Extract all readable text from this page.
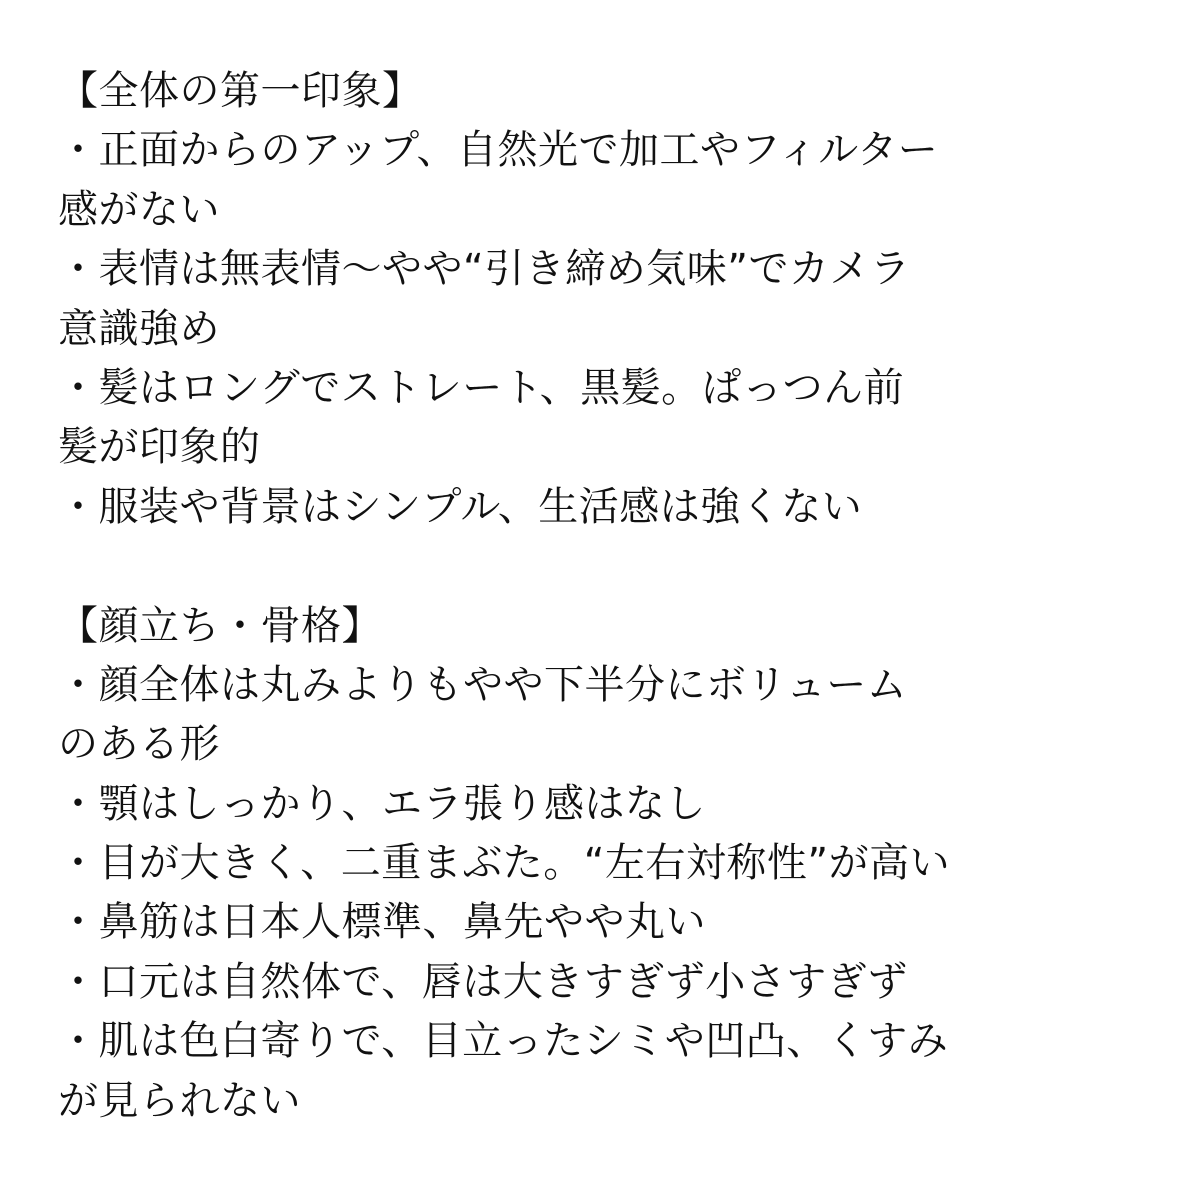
【全体の第一印象】
・正面からのアップ、自然光で加工やフィルター
感がない
・表情は無表情〜やや“引き締め気味”でカメラ
意識強め
・髪はロングでストレート、黒髪。ぱっつん前
髪が印象的
・服装や背景はシンプル、生活感は強くない
【顔立ち・骨格】
・顔全体は丸みよりもやや下半分にボリューム
のある形
・顎はしっかり、エラ張り感はなし
・目が大きく、二重まぶた。“左右対称性”が高い
・鼻筋は日本人標準、鼻先やや丸い
・口元は自然体で、唇は大きすぎず小さすぎず
・肌は色白寄りで、目立ったシミや凹凸、くすみ
が見られない
